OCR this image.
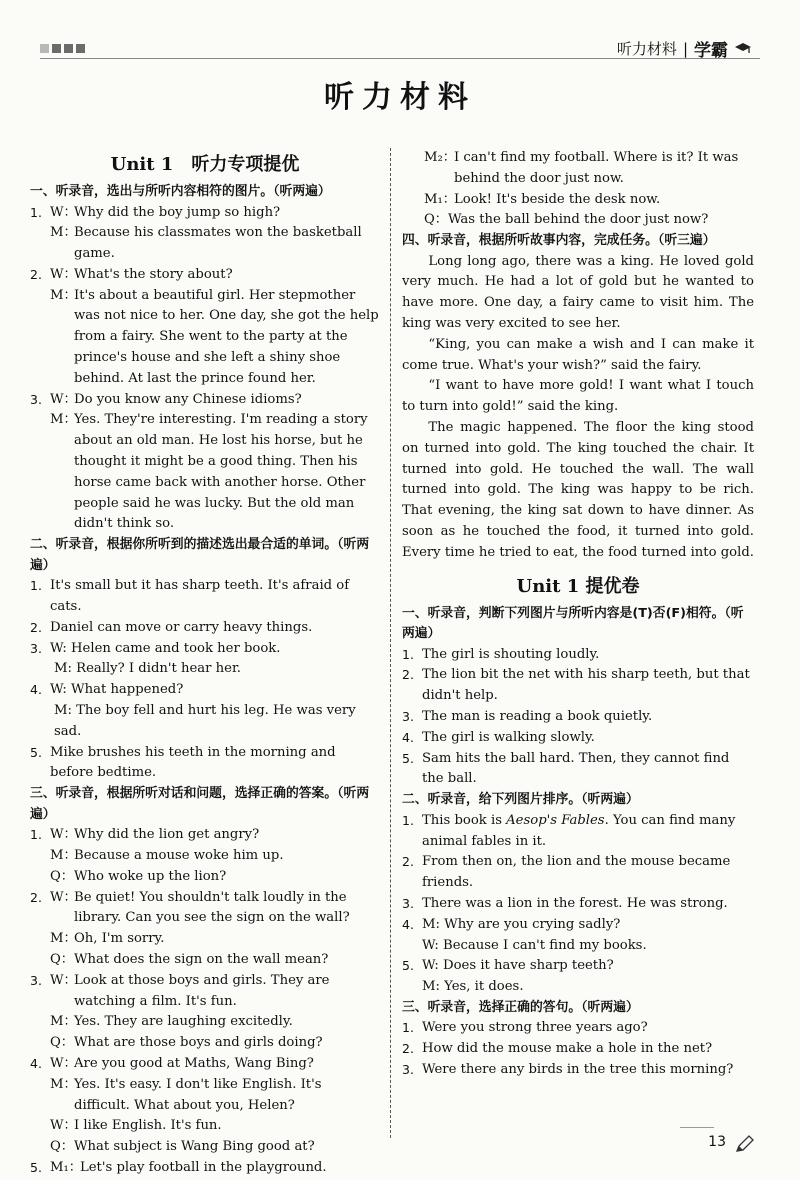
听力材料 | 学霸
听力材料
Unit 1　听力专项提优
一、听录音，选出与所听内容相符的图片。（听两遍）
1. W：
Why did the boy jump so high?
M：
Because his classmates won the basketball game.
2. W：
What's the story about?
M：
It's about a beautiful girl. Her stepmother was not nice to her. One day, she got the help from a fairy. She went to the party at the prince's house and she left a shiny shoe behind. At last the prince found her.
3. W：
Do you know any Chinese idioms?
M：
Yes. They're interesting. I'm reading a story about an old man. He lost his horse, but he thought it might be a good thing. Then his horse came back with another horse. Other people said he was lucky. But the old man didn't think so.
二、听录音，根据你所听到的描述选出最合适的单词。（听两遍）
1. It's small but it has sharp teeth. It's afraid of cats.
2. Daniel can move or carry heavy things.
3. W: Helen came and took her book.
M: Really? I didn't hear her.
4. W: What happened?
M: The boy fell and hurt his leg. He was very sad.
5. Mike brushes his teeth in the morning and before bedtime.
三、听录音，根据所听对话和问题，选择正确的答案。（听两遍）
1. W：
Why did the lion get angry?
M：
Because a mouse woke him up.
Q： Who woke up the lion?
2. W：
Be quiet! You shouldn't talk loudly in the library. Can you see the sign on the wall?
M：
Oh, I'm sorry.
Q： What does the sign on the wall mean?
3. W：
Look at those boys and girls. They are watching a film. It's fun.
M：
Yes. They are laughing excitedly.
Q： What are those boys and girls doing?
4. W：
Are you good at Maths, Wang Bing?
M：
Yes. It's easy. I don't like English. It's difficult. What about you, Helen?
W：
I like English. It's fun.
Q： What subject is Wang Bing good at?
5. M₁：
Let's play football in the playground.
M₂：
I can't find my football. Where is it? It was behind the door just now.
M₁：
Look! It's beside the desk now.
Q： Was the ball behind the door just now?
四、听录音，根据所听故事内容，完成任务。（听三遍）
Long long ago, there was a king. He loved gold very much. He had a lot of gold but he wanted to have more. One day, a fairy came to visit him. The king was very excited to see her.
“King, you can make a wish and I can make it come true. What's your wish?” said the fairy.
“I want to have more gold! I want what I touch to turn into gold!” said the king.
The magic happened. The floor the king stood on turned into gold. The king touched the chair. It turned into gold. He touched the wall. The wall turned into gold. The king was happy to be rich. That evening, the king sat down to have dinner. As soon as he touched the food, it turned into gold. Every time he tried to eat, the food turned into gold.
Unit 1 提优卷
一、听录音，判断下列图片与所听内容是(T)否(F)相符。（听两遍）
1. The girl is shouting loudly.
2. The lion bit the net with his sharp teeth, but that didn't help.
3. The man is reading a book quietly.
4. The girl is walking slowly.
5. Sam hits the ball hard. Then, they cannot find the ball.
二、听录音，给下列图片排序。（听两遍）
1. This book is Aesop's Fables. You can find many animal fables in it.
2. From then on, the lion and the mouse became friends.
3. There was a lion in the forest. He was strong.
4. M: Why are you crying sadly?
W: Because I can't find my books.
5. W: Does it have sharp teeth?
M: Yes, it does.
三、听录音，选择正确的答句。（听两遍）
1. Were you strong three years ago?
2. How did the mouse make a hole in the net?
3. Were there any birds in the tree this morning?
13
